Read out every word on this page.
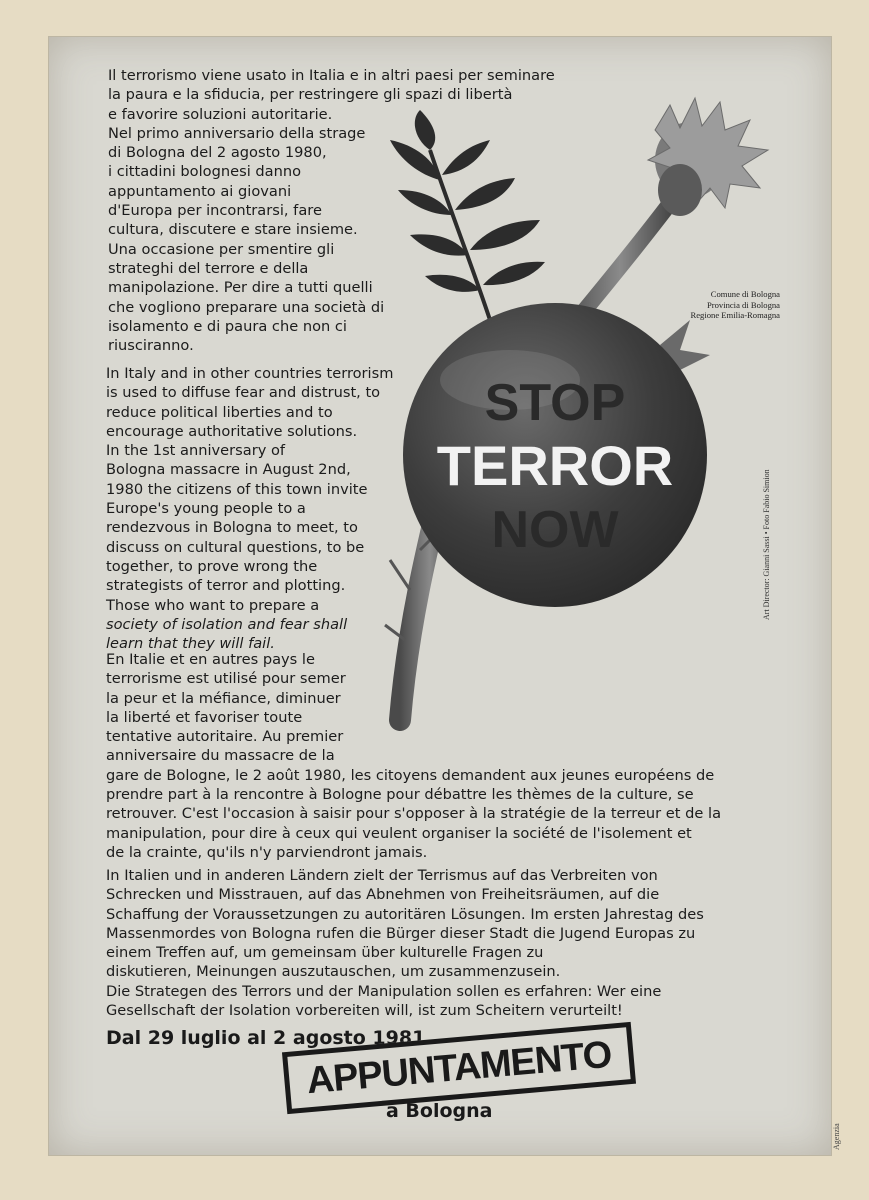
STOP
TERROR
NOW
Comune di Bologna
Provincia di Bologna
Regione Emilia-Romagna
Art Director: Gianni Sassi • Foto Fabio Simion
Il terrorismo viene usato in Italia e in altri paesi per seminare
la paura e la sfiducia, per restringere gli spazi di libertà
e favorire soluzioni autoritarie.
Nel primo anniversario della strage
di Bologna del 2 agosto 1980,
i cittadini bolognesi danno
appuntamento ai giovani
d'Europa per incontrarsi, fare
cultura, discutere e stare insieme.
Una occasione per smentire gli
strateghi del terrore e della
manipolazione. Per dire a tutti quelli
che vogliono preparare una società di
isolamento e di paura che non ci
riusciranno.
In Italy and in other countries terrorism
is used to diffuse fear and distrust, to
reduce political liberties and to
encourage authoritative solutions.
In the 1st anniversary of
Bologna massacre in August 2nd,
1980 the citizens of this town invite
Europe's young people to a
rendezvous in Bologna to meet, to
discuss on cultural questions, to be
together, to prove wrong the
strategists of terror and plotting.
Those who want to prepare a
society of isolation and fear shall
learn that they will fail.
En Italie et en autres pays le
terrorisme est utilisé pour semer
la peur et la méfiance, diminuer
la liberté et favoriser toute
tentative autoritaire. Au premier
anniversaire du massacre de la
gare de Bologne, le 2 août 1980, les citoyens demandent aux jeunes européens de
prendre part à la rencontre à Bologne pour débattre les thèmes de la culture, se
retrouver. C'est l'occasion à saisir pour s'opposer à la stratégie de la terreur et de la
manipulation, pour dire à ceux qui veulent organiser la société de l'isolement et
de la crainte, qu'ils n'y parviendront jamais.
In Italien und in anderen Ländern zielt der Terrismus auf das Verbreiten von
Schrecken und Misstrauen, auf das Abnehmen von Freiheitsräumen, auf die
Schaffung der Voraussetzungen zu autoritären Lösungen. Im ersten Jahrestag des
Massenmordes von Bologna rufen die Bürger dieser Stadt die Jugend Europas zu
einem Treffen auf, um gemeinsam über kulturelle Fragen zu
diskutieren, Meinungen auszutauschen, um zusammenzusein.
Die Strategen des Terrors und der Manipulation sollen es erfahren: Wer eine
Gesellschaft der Isolation vorbereiten will, ist zum Scheitern verurteilt!
Dal 29 luglio al 2 agosto 1981
APPUNTAMENTO
a Bologna
Agenzia
